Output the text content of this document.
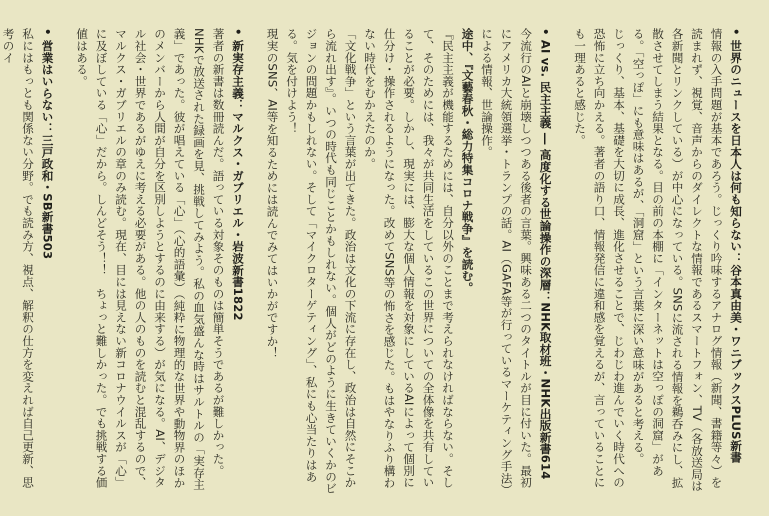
• 世界のニュースを日本人は何も知らない：谷本真由美・ワニブックスPLUS新書
情報の入手問題が基本であろう。じっくり吟味するアナログ情報（新聞、書籍等々）を読まれず、視覚、音声からのダイレクトな情報であるスマートフォン、TV（各放送局は各新聞とリンクしている）が中心になっている。SNSに流される情報を鵜呑みにし、拡散させてしまう結果となる。目の前の本棚に「インターネットは空っぽの洞窟」がある。「空っぽ」にも意味はあるが、「洞窟」という言葉に深い意味があると考える。
じっくり、基本、基礎を大切に成長、進化させることで、じわじわ進んでいく時代への恐怖に立ち向かえる。著者の語り口、情報発信に違和感を覚えるが、言っていることにも一理あると感じた。
• AI vs. 民主主義 ― 高度化する世論操作の深層：NHK取材班・NHK出版新書614
今流行のAIと崩壊しつつある後者の言葉。興味ある二つのタイトルが目に付いた。最初にアメリカ大統領選挙・トランプの話。AI（GAFA等が行っているマーケティング手法）による情報、世論操作。
途中、『文藝春秋・総力特集コロナ戦争』を読む。
『民主主義が機能するためには、自分以外のことまで考えられなければならない。そして、そのためには、我々が共同生活をしているこの世界についての全体像を共有していることが必要。しかし、現実には、膨大な個人情報を対象にしているAIによって個別に仕分け・操作されるようになった。改めてSNS等の怖さを感じた。もはやなりふり構わない時代をむかえたのか。
「文化戦争」という言葉が出てきた。政治は文化の下流に存在し、政治は自然にそこから流れ出す』。いつの時代も同じことかもしれない。個人がどのように生きていくかのビジョンの問題かもしれない。そして「マイクロターゲティング」、私にも心当たりはある。気を付けよう！
現実のSNS、AI等を知るためには読んでみてはいかがですか！
• 新実存主義：マルクス・ガブリエル・岩波新書1822
著者の新書は数冊読んだ。語っている対象そのものは簡単そうであるが難しかった。NHKで放送された録画を見、挑戦してみよう。私の血気盛んな時はサルトルの「実存主義」であった。彼が唱えている「心」（心的語彙）（純粋に物理的な世界や動物界のほかのメンバーから人間が自分を区別しようとするのに由来する）が気になる。AI、デジタル社会・世界であるがゆえに考える必要がある。他の人のものを読むと混乱するので、マルクス・ガブリエルの章のみ読む。現在、目には見えない新コロナウイルスが「心」に及ぼしている「心」だから。しんどそう！！　ちょっと難しかった。でも挑戦する価値はある。
• 営業はいらない：三戸政和・SB新書503
私にはもっとも関係ない分野。でも読み方、視点、解釈の仕方を変えれば自己更新、思考のイ
